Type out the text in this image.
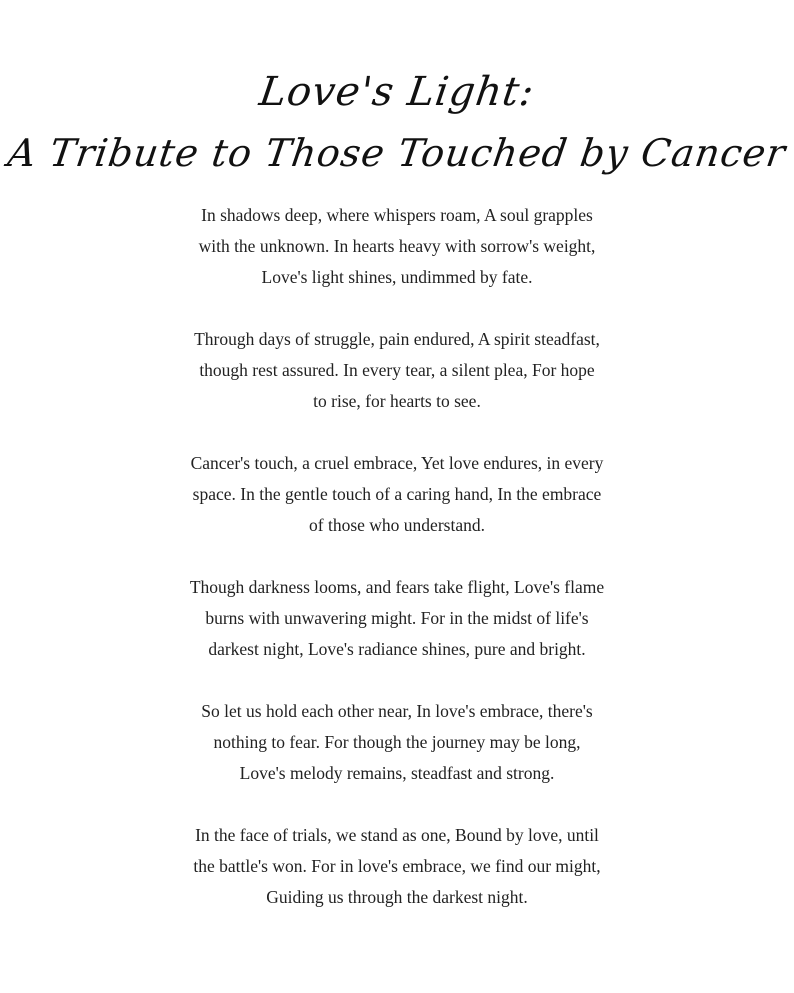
Love's Light:
A Tribute to Those Touched by Cancer

In shadows deep, where whispers roam, A soul grapples
with the unknown. In hearts heavy with sorrow's weight,
Love's light shines, undimmed by fate.

Through days of struggle, pain endured, A spirit steadfast,
though rest assured. In every tear, a silent plea, For hope
to rise, for hearts to see.

Cancer's touch, a cruel embrace, Yet love endures, in every
space. In the gentle touch of a caring hand, In the embrace
of those who understand.

Though darkness looms, and fears take flight, Love's flame
burns with unwavering might. For in the midst of life's
darkest night, Love's radiance shines, pure and bright.

So let us hold each other near, In love's embrace, there's
nothing to fear. For though the journey may be long,
Love's melody remains, steadfast and strong.

In the face of trials, we stand as one, Bound by love, until
the battle's won. For in love's embrace, we find our might,
Guiding us through the darkest night.
